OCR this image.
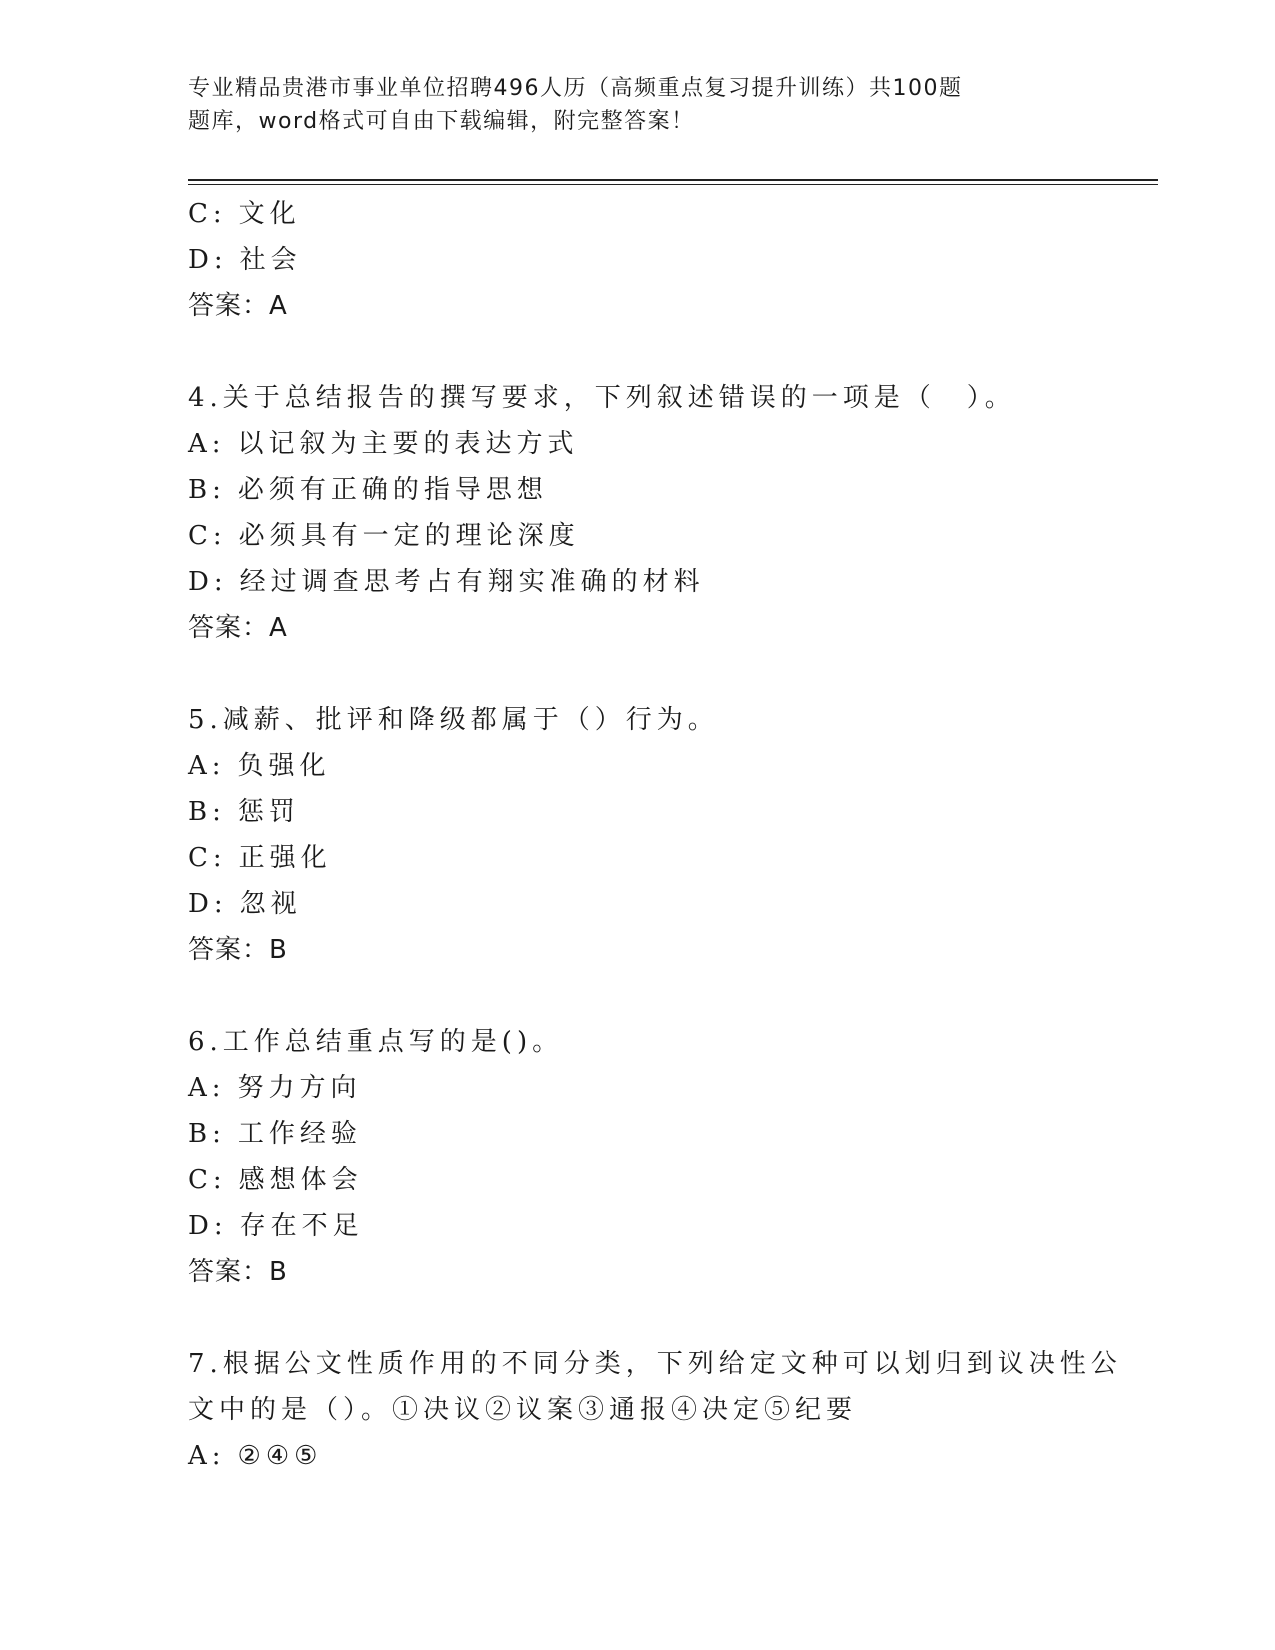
专业精品贵港市事业单位招聘496人历（高频重点复习提升训练）共100题
题库，word格式可自由下载编辑，附完整答案！
C: 文化
D: 社会
答案：A
4.关于总结报告的撰写要求，下列叙述错误的一项是（　）。
A: 以记叙为主要的表达方式
B: 必须有正确的指导思想
C: 必须具有一定的理论深度
D: 经过调查思考占有翔实准确的材料
答案：A
5.减薪、批评和降级都属于（）行为。
A: 负强化
B: 惩罚
C: 正强化
D: 忽视
答案：B
6.工作总结重点写的是()。
A: 努力方向
B: 工作经验
C: 感想体会
D: 存在不足
答案：B
7.根据公文性质作用的不同分类，下列给定文种可以划归到议决性公
文中的是（）。①决议②议案③通报④决定⑤纪要
A: ②④⑤
